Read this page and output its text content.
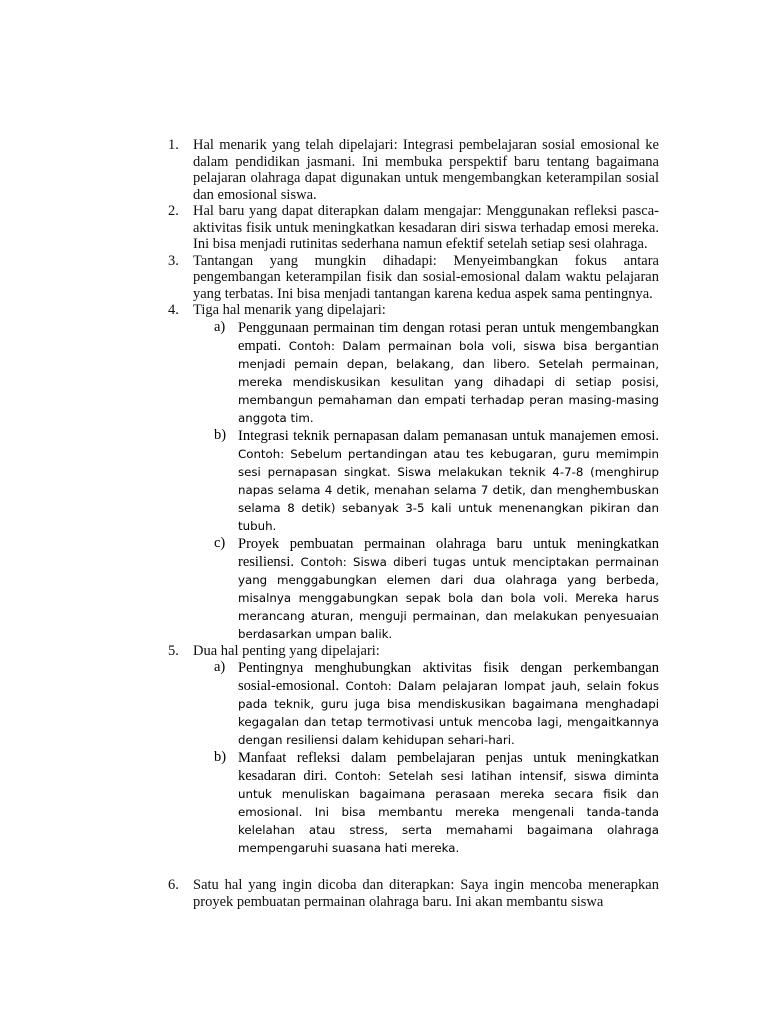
1. Hal menarik yang telah dipelajari: Integrasi pembelajaran sosial emosional ke dalam pendidikan jasmani. Ini membuka perspektif baru tentang bagaimana pelajaran olahraga dapat digunakan untuk mengembangkan keterampilan sosial dan emosional siswa.
2. Hal baru yang dapat diterapkan dalam mengajar: Menggunakan refleksi pasca-aktivitas fisik untuk meningkatkan kesadaran diri siswa terhadap emosi mereka. Ini bisa menjadi rutinitas sederhana namun efektif setelah setiap sesi olahraga.
3. Tantangan yang mungkin dihadapi: Menyeimbangkan fokus antara pengembangan keterampilan fisik dan sosial-emosional dalam waktu pelajaran yang terbatas. Ini bisa menjadi tantangan karena kedua aspek sama pentingnya.
4. Tiga hal menarik yang dipelajari:
a) Penggunaan permainan tim dengan rotasi peran untuk mengembangkan empati. Contoh: Dalam permainan bola voli, siswa bisa bergantian menjadi pemain depan, belakang, dan libero. Setelah permainan, mereka mendiskusikan kesulitan yang dihadapi di setiap posisi, membangun pemahaman dan empati terhadap peran masing-masing anggota tim.
b) Integrasi teknik pernapasan dalam pemanasan untuk manajemen emosi. Contoh: Sebelum pertandingan atau tes kebugaran, guru memimpin sesi pernapasan singkat. Siswa melakukan teknik 4-7-8 (menghirup napas selama 4 detik, menahan selama 7 detik, dan menghembuskan selama 8 detik) sebanyak 3-5 kali untuk menenangkan pikiran dan tubuh.
c) Proyek pembuatan permainan olahraga baru untuk meningkatkan resiliensi. Contoh: Siswa diberi tugas untuk menciptakan permainan yang menggabungkan elemen dari dua olahraga yang berbeda, misalnya menggabungkan sepak bola dan bola voli. Mereka harus merancang aturan, menguji permainan, dan melakukan penyesuaian berdasarkan umpan balik.
5. Dua hal penting yang dipelajari:
a) Pentingnya menghubungkan aktivitas fisik dengan perkembangan sosial-emosional. Contoh: Dalam pelajaran lompat jauh, selain fokus pada teknik, guru juga bisa mendiskusikan bagaimana menghadapi kegagalan dan tetap termotivasi untuk mencoba lagi, mengaitkannya dengan resiliensi dalam kehidupan sehari-hari.
b) Manfaat refleksi dalam pembelajaran penjas untuk meningkatkan kesadaran diri. Contoh: Setelah sesi latihan intensif, siswa diminta untuk menuliskan bagaimana perasaan mereka secara fisik dan emosional. Ini bisa membantu mereka mengenali tanda-tanda kelelahan atau stress, serta memahami bagaimana olahraga mempengaruhi suasana hati mereka.
6. Satu hal yang ingin dicoba dan diterapkan: Saya ingin mencoba menerapkan proyek pembuatan permainan olahraga baru. Ini akan membantu siswa
